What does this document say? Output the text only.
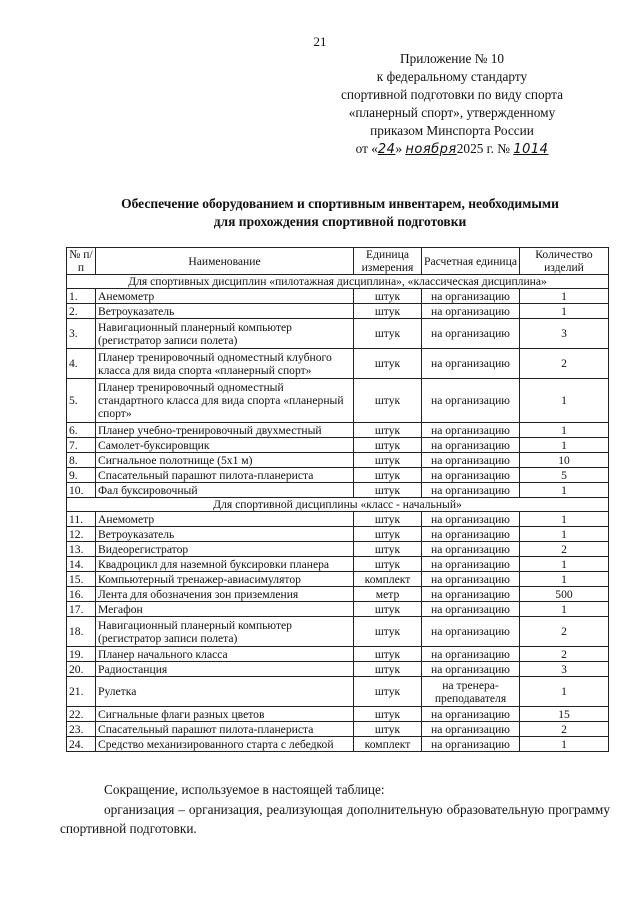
21
Приложение № 10
к федеральному стандарту
спортивной подготовки по виду спорта
«планерный спорт», утвержденному
приказом Минспорта России
от «24» ноября2025 г. № 1014
Обеспечение оборудованием и спортивным инвентарем, необходимыми
для прохождения спортивной подготовки
№ п/п	Наименование	Единица измерения	Расчетная единица	Количество изделий
Для спортивных дисциплин «пилотажная дисциплина», «классическая дисциплина»				
1.	Анемометр	штук	на организацию	1
2.	Ветроуказатель	штук	на организацию	1
3.	Навигационный планерный компьютер (регистратор записи полета)	штук	на организацию	3
4.	Планер тренировочный одноместный клубного класса для вида спорта «планерный спорт»	штук	на организацию	2
5.	Планер тренировочный одноместный стандартного класса для вида спорта «планерный спорт»	штук	на организацию	1
6.	Планер учебно-тренировочный двухместный	штук	на организацию	1
7.	Самолет-буксировщик	штук	на организацию	1
8.	Сигнальное полотнище (5х1 м)	штук	на организацию	10
9.	Спасательный парашют пилота-планериста	штук	на организацию	5
10.	Фал буксировочный	штук	на организацию	1
Для спортивной дисциплины «класс - начальный»				
11.	Анемометр	штук	на организацию	1
12.	Ветроуказатель	штук	на организацию	1
13.	Видеорегистратор	штук	на организацию	2
14.	Квадроцикл для наземной буксировки планера	штук	на организацию	1
15.	Компьютерный тренажер-авиасимулятор	комплект	на организацию	1
16.	Лента для обозначения зон приземления	метр	на организацию	500
17.	Мегафон	штук	на организацию	1
18.	Навигационный планерный компьютер (регистратор записи полета)	штук	на организацию	2
19.	Планер начального класса	штук	на организацию	2
20.	Радиостанция	штук	на организацию	3
21.	Рулетка	штук	на тренера-преподавателя	1
22.	Сигнальные флаги разных цветов	штук	на организацию	15
23.	Спасательный парашют пилота-планериста	штук	на организацию	2
24.	Средство механизированного старта с лебедкой	комплект	на организацию	1
Сокращение, используемое в настоящей таблице:
организация – организация, реализующая дополнительную образовательную программу спортивной подготовки.
